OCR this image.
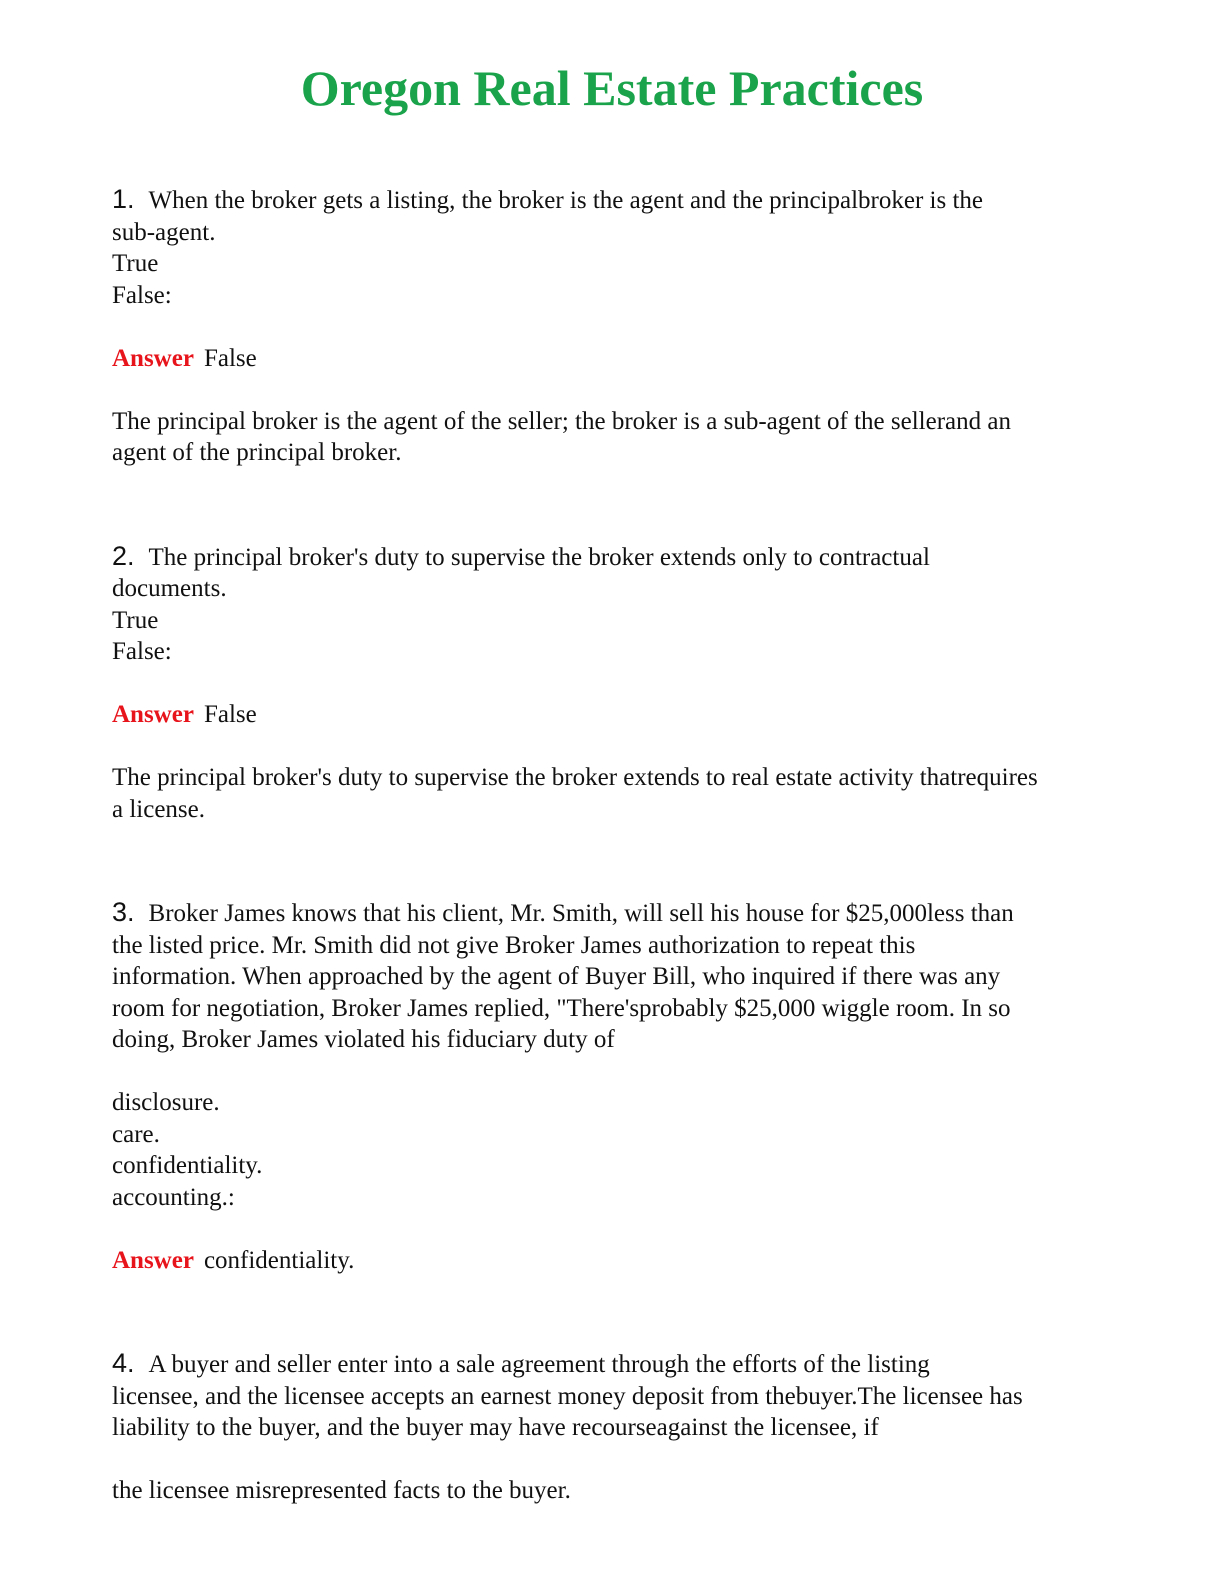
Oregon Real Estate Practices
1. When the broker gets a listing, the broker is the agent and the principalbroker is the
sub-agent.
True
False:
Answer False
The principal broker is the agent of the seller; the broker is a sub-agent of the sellerand an
agent of the principal broker.
2. The principal broker's duty to supervise the broker extends only to contractual
documents.
True
False:
Answer False
The principal broker's duty to supervise the broker extends to real estate activity thatrequires
a license.
3. Broker James knows that his client, Mr. Smith, will sell his house for $25,000less than
the listed price. Mr. Smith did not give Broker James authorization to repeat this
information. When approached by the agent of Buyer Bill, who inquired if there was any
room for negotiation, Broker James replied, "There'sprobably $25,000 wiggle room. In so
doing, Broker James violated his fiduciary duty of
disclosure.
care.
confidentiality.
accounting.:
Answer confidentiality.
4. A buyer and seller enter into a sale agreement through the efforts of the listing
licensee, and the licensee accepts an earnest money deposit from thebuyer.The licensee has
liability to the buyer, and the buyer may have recourseagainst the licensee, if
the licensee misrepresented facts to the buyer.
